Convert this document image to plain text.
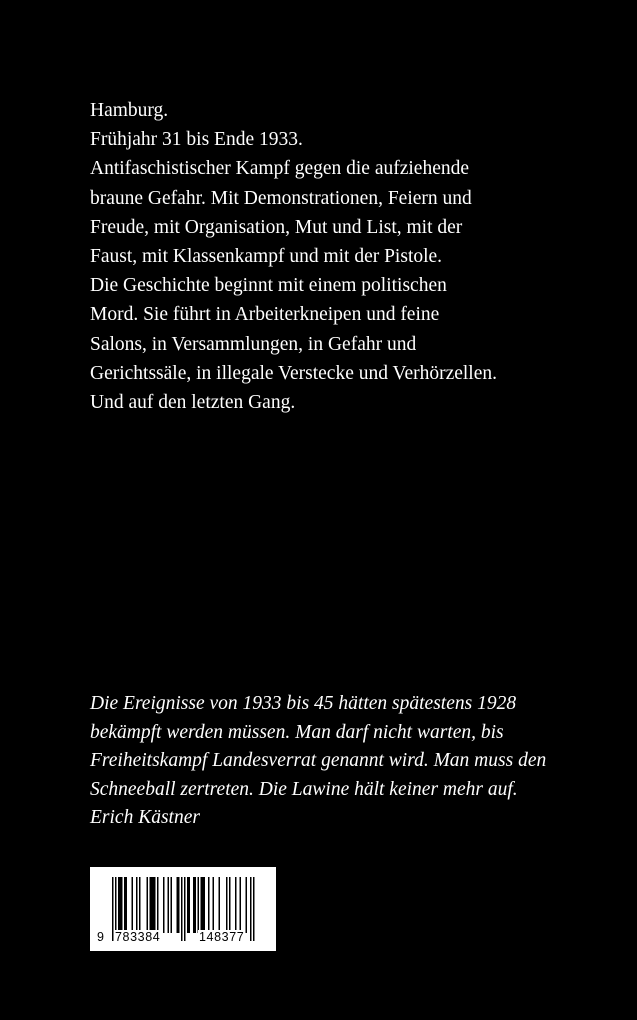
Hamburg.
Frühjahr 31 bis Ende 1933.
Antifaschistischer Kampf gegen die aufziehende
braune Gefahr. Mit Demonstrationen, Feiern und
Freude, mit Organisation, Mut und List, mit der
Faust, mit Klassenkampf und mit der Pistole.
Die Geschichte beginnt mit einem politischen
Mord. Sie führt in Arbeiterkneipen und feine
Salons, in Versammlungen, in Gefahr und
Gerichtssäle, in illegale Verstecke und Verhörzellen.
Und auf den letzten Gang.
Die Ereignisse von 1933 bis 45 hätten spätestens 1928
bekämpft werden müssen. Man darf nicht warten, bis
Freiheitskampf Landesverrat genannt wird. Man muss den
Schneeball zertreten. Die Lawine hält keiner mehr auf.
Erich Kästner
9 783384	148377
